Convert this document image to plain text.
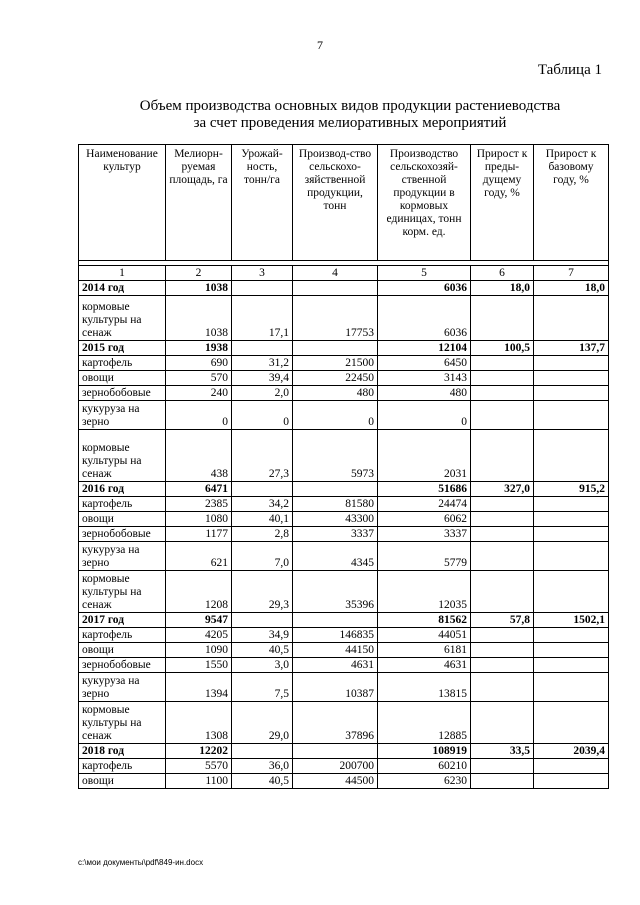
7
Таблица 1
Объем производства основных видов продукции растениеводства
за счет проведения мелиоративных мероприятий
Наименование культур	Мелиорн-руемая площадь, га	Урожай-ность, тонн/га	Производ-ство сельскохо-зяйственной продукции, тонн	Производство сельскохозяй-ственной продукции в кормовых единицах, тонн корм. ед.	Прирост к преды-дущему году, %	Прирост к базовому году, %

1	2	3	4	5	6	7
2014 год	1038			6036	18,0	18,0
кормовые культуры на сенаж	1038	17,1	17753	6036		
2015 год	1938			12104	100,5	137,7
картофель	690	31,2	21500	6450		
овощи	570	39,4	22450	3143		
зернобобовые	240	2,0	480	480		
кукуруза на зерно	0	0	0	0		
кормовые культуры на сенаж	438	27,3	5973	2031		
2016 год	6471			51686	327,0	915,2
картофель	2385	34,2	81580	24474		
овощи	1080	40,1	43300	6062		
зернобобовые	1177	2,8	3337	3337		
кукуруза на зерно	621	7,0	4345	5779		
кормовые культуры на сенаж	1208	29,3	35396	12035		
2017 год	9547			81562	57,8	1502,1
картофель	4205	34,9	146835	44051		
овощи	1090	40,5	44150	6181		
зернобобовые	1550	3,0	4631	4631		
кукуруза на зерно	1394	7,5	10387	13815		
кормовые культуры на сенаж	1308	29,0	37896	12885		
2018 год	12202			108919	33,5	2039,4
картофель	5570	36,0	200700	60210		
овощи	1100	40,5	44500	6230		
c:\мои документы\pdf\849-ин.docx
